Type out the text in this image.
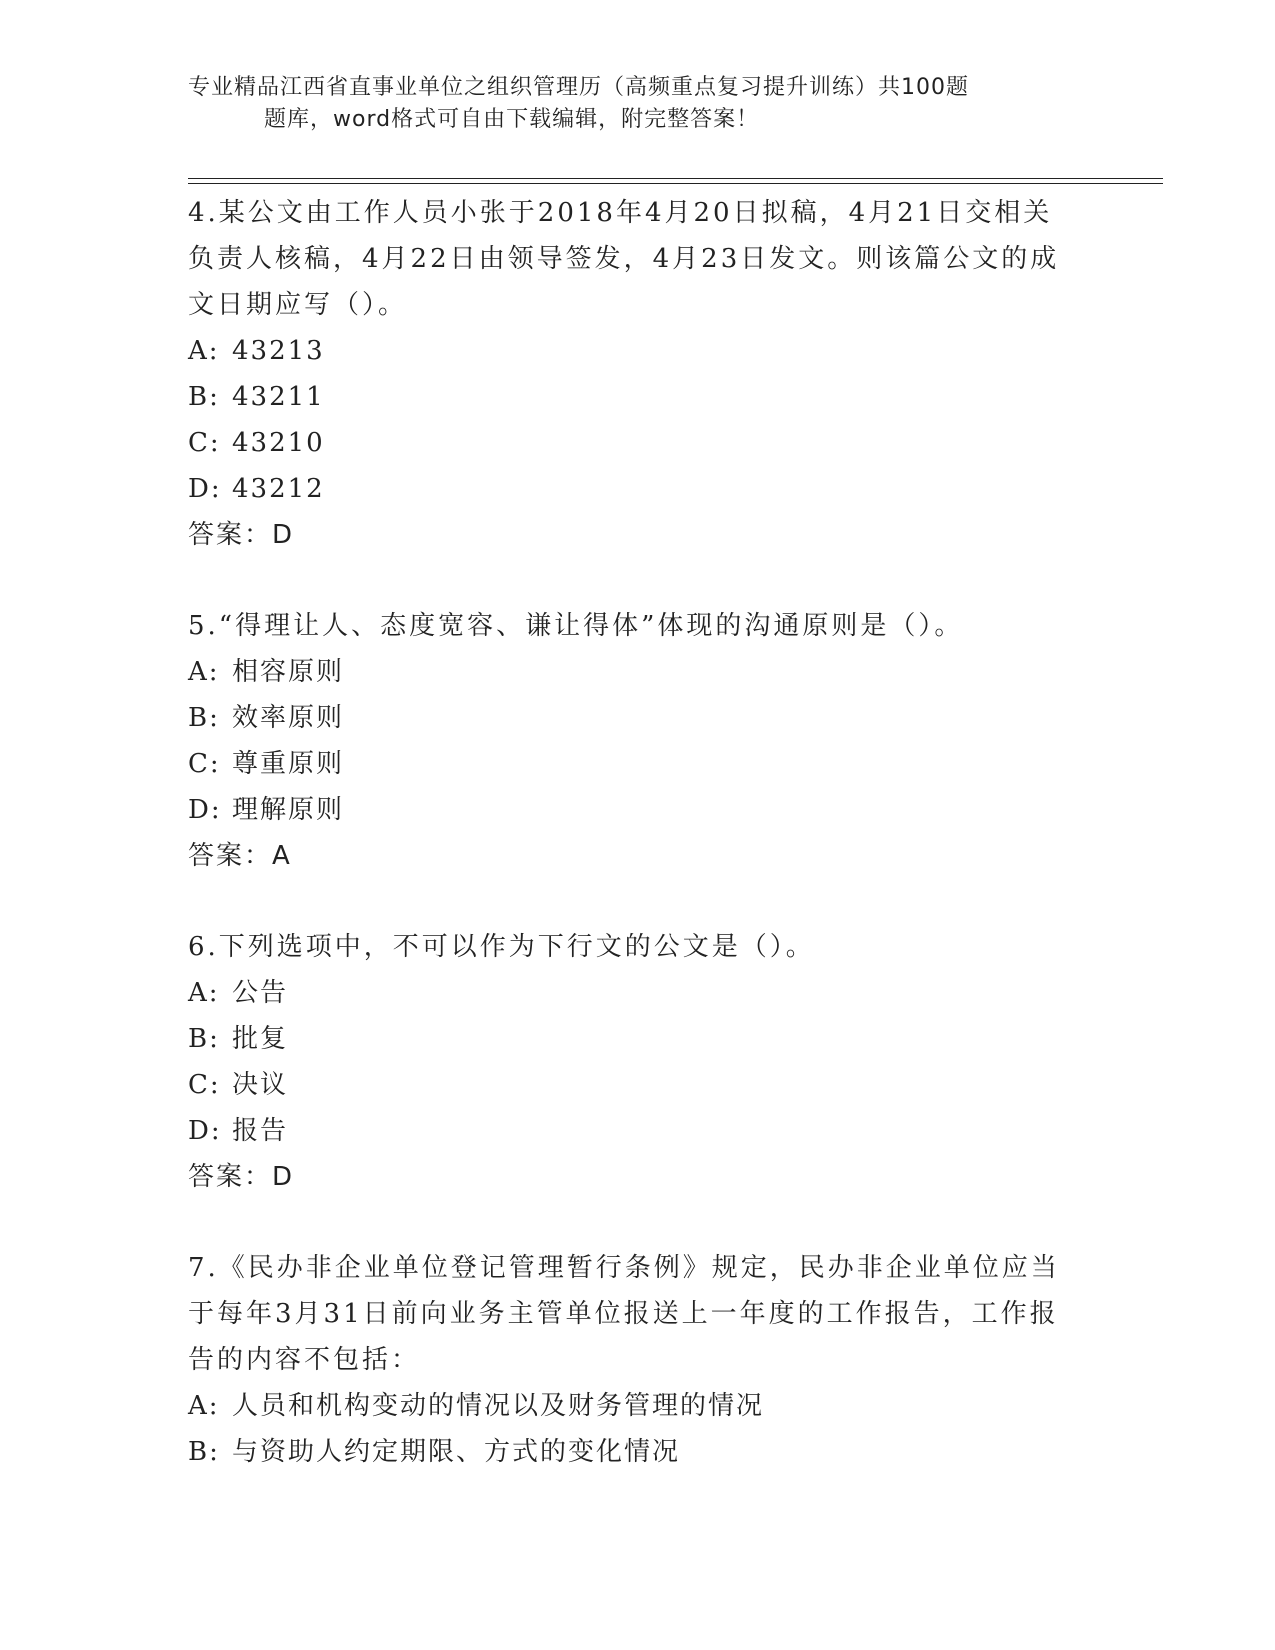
专业精品江西省直事业单位之组织管理历（高频重点复习提升训练）共100题
题库，word格式可自由下载编辑，附完整答案！

4.某公文由工作人员小张于2018年4月20日拟稿，4月21日交相关负责人核稿，4月22日由领导签发，4月23日发文。则该篇公文的成文日期应写（）。

A: 43213

B: 43211

C: 43210

D: 43212

答案：D

5.“得理让人、态度宽容、谦让得体”体现的沟通原则是（）。

A: 相容原则

B: 效率原则

C: 尊重原则

D: 理解原则

答案：A

6.下列选项中，不可以作为下行文的公文是（）。

A: 公告

B: 批复

C: 决议

D: 报告

答案：D

7.《民办非企业单位登记管理暂行条例》规定，民办非企业单位应当于每年3月31日前向业务主管单位报送上一年度的工作报告，工作报告的内容不包括：

A: 人员和机构变动的情况以及财务管理的情况

B: 与资助人约定期限、方式的变化情况
